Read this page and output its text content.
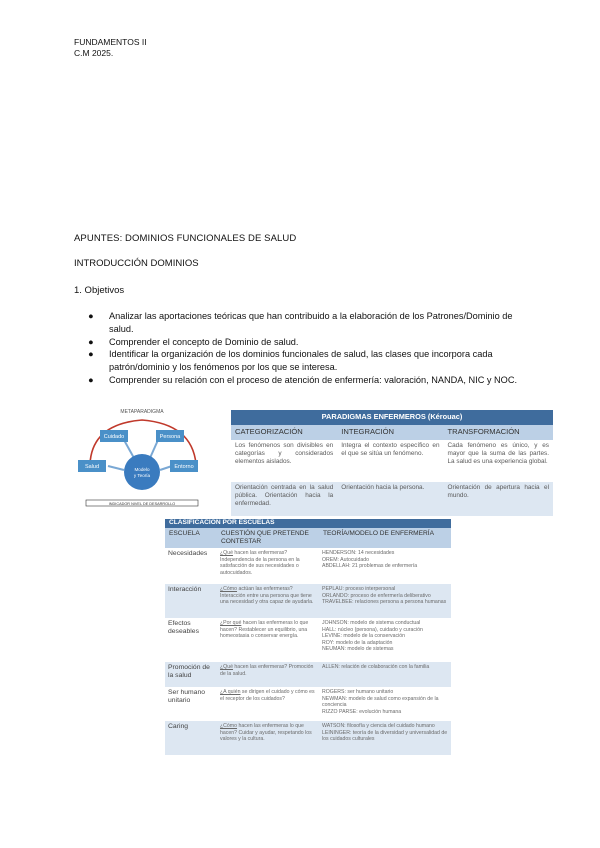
FUNDAMENTOS II
C.M 2025.
APUNTES: DOMINIOS FUNCIONALES DE SALUD
INTRODUCCIÓN DOMINIOS
1. Objetivos
● Analizar las aportaciones teóricas que han contribuido a la elaboración de los Patrones/Dominio de salud.
● Comprender el concepto de Dominio de salud.
● Identificar la organización de los dominios funcionales de salud, las clases que incorpora cada patrón/dominio y los fenómenos por los que se interesa.
● Comprender su relación con el proceso de atención de enfermería: valoración, NANDA, NIC y NOC.
METAPARADIGMA
Cuidado	Persona
Salud	Entorno
Modelo
y Teoría
INDICADOR NIVEL DE DESARROLLO
PARADIGMAS ENFERMEROS (Kérouac)		
CATEGORIZACIÓN	INTEGRACIÓN	TRANSFORMACIÓN
Los fenómenos son divisibles en categorías y considerados elementos aislados.	Integra el contexto específico en el que se sitúa un fenómeno.	Cada fenómeno es único, y es mayor que la suma de las partes. La salud es una experiencia global.
Orientación centrada en la salud pública. Orientación hacia la enfermedad.	Orientación hacia la persona.	Orientación de apertura hacia el mundo.
CLASIFICACIÓN POR ESCUELAS		
ESCUELA	CUESTIÓN QUE PRETENDE CONTESTAR	TEORÍA/MODELO DE ENFERMERÍA
Necesidades	¿Qué hacen las enfermeras? Independencia de la persona en la satisfacción de sus necesidades o autocuidados.	HENDERSON: 14 necesidades

OREM: Autocuidado

ABDELLAH: 21 problemas de enfermería

Interacción	¿Cómo actúan las enfermeras? Interacción entre una persona que tiene una necesidad y otra capaz de ayudarla.	PEPLAU: proceso interpersonal

ORLANDO: proceso de enfermería deliberativo

TRAVELBEE: relaciones persona a persona humanas

Efectos deseables	¿Por qué hacen las enfermeras lo que hacen? Restablecer un equilibrio, una homeostasia o conservar energía.	JOHNSON: modelo de sistema conductual

HALL: núcleo (persona), cuidado y curación

LEVINE: modelo de la conservación

ROY: modelo de la adaptación

NEUMAN: modelo de sistemas

Promoción de la salud	¿Qué hacen las enfermeras? Promoción de la salud.	ALLEN: relación de colaboración con la familia

Ser humano unitario	¿A quién se dirigen el cuidado y cómo es el receptor de los cuidados?	ROGERS: ser humano unitario

NEWMAN: modelo de salud como expansión de la conciencia

RIZZO PARSE: evolución humana

Caring	¿Cómo hacen las enfermeras lo que hacen? Cuidar y ayudar, respetando los valores y la cultura.	WATSON: filosofía y ciencia del cuidado humano

LEININGER: teoría de la diversidad y universalidad de los cuidados culturales
